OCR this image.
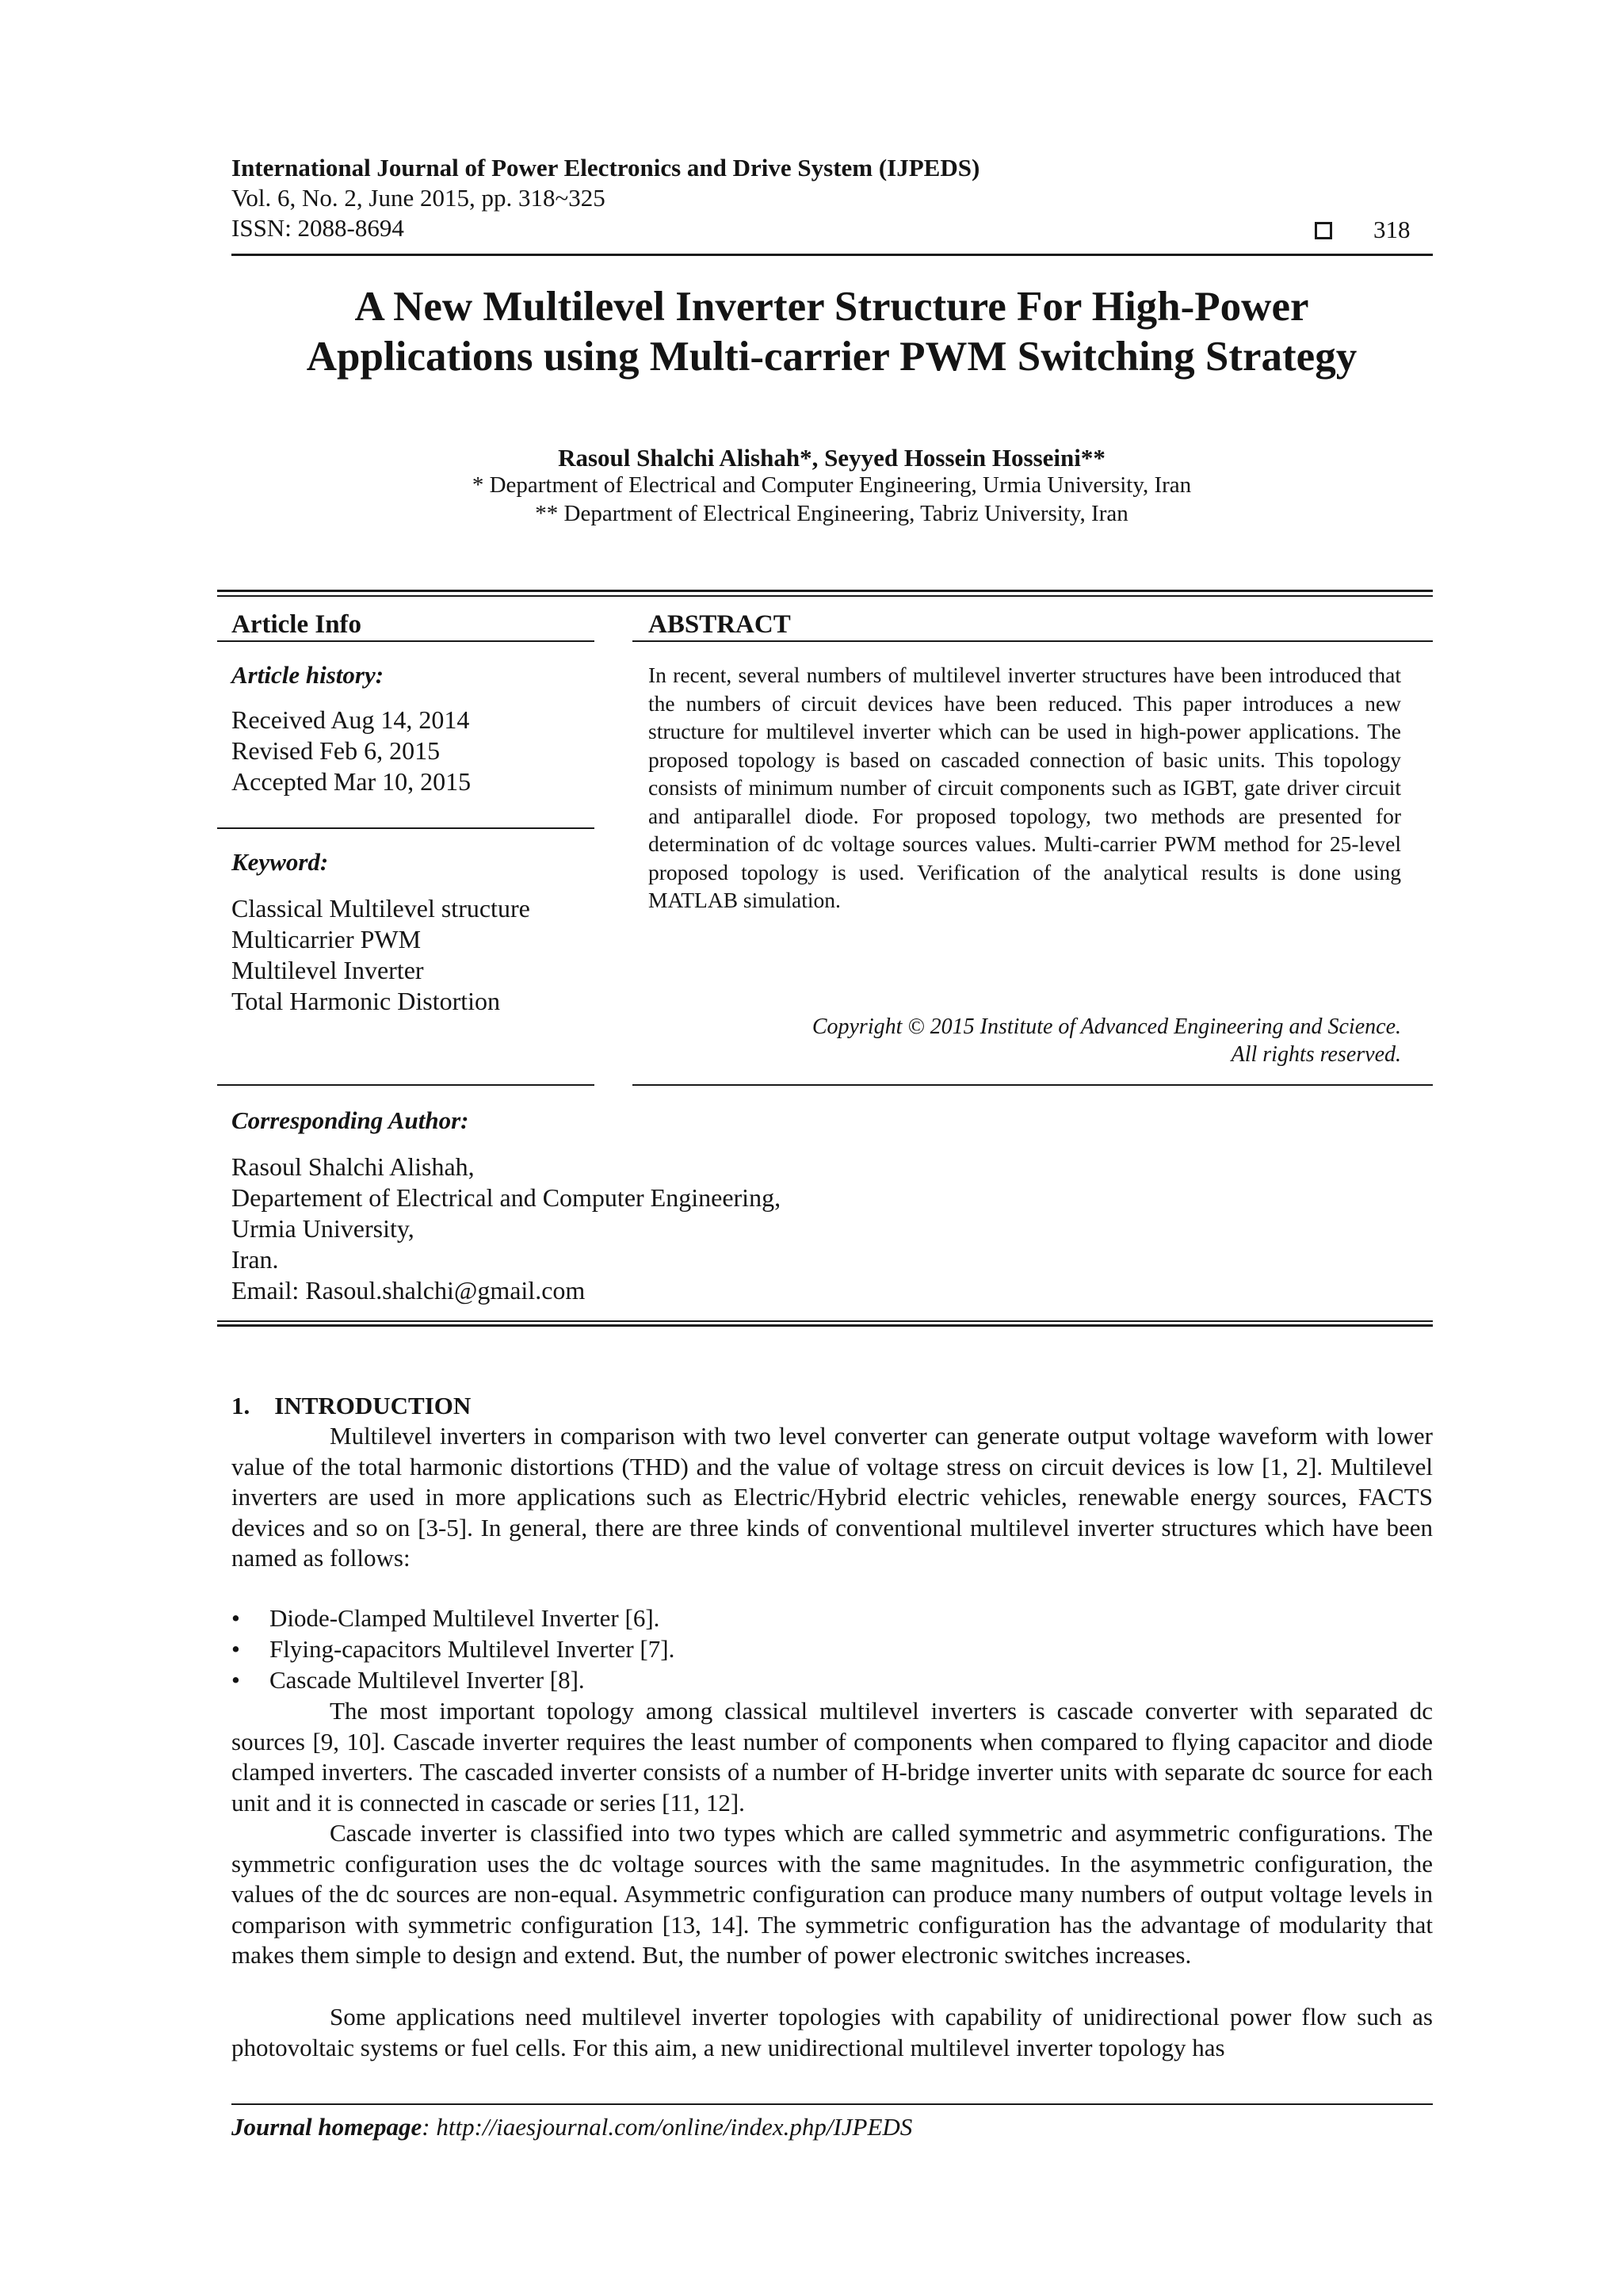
International Journal of Power Electronics and Drive System (IJPEDS)
Vol. 6, No. 2, June 2015, pp. 318~325
ISSN: 2088-8694	318
A New Multilevel Inverter Structure For High-Power
Applications using Multi-carrier PWM Switching Strategy
Rasoul Shalchi Alishah*, Seyyed Hossein Hosseini**
* Department of Electrical and Computer Engineering, Urmia University, Iran
** Department of Electrical Engineering, Tabriz University, Iran
Article Info
Article history:
Received Aug 14, 2014
Revised Feb 6, 2015
Accepted Mar 10, 2015
Keyword:
Classical Multilevel structure
Multicarrier PWM
Multilevel Inverter
Total Harmonic Distortion
ABSTRACT
In recent, several numbers of multilevel inverter structures have been introduced that the numbers of circuit devices have been reduced. This paper introduces a new structure for multilevel inverter which can be used in high-power applications. The proposed topology is based on cascaded connection of basic units. This topology consists of minimum number of circuit components such as IGBT, gate driver circuit and antiparallel diode. For proposed topology, two methods are presented for determination of dc voltage sources values. Multi-carrier PWM method for 25-level proposed topology is used. Verification of the analytical results is done using MATLAB simulation.
Copyright © 2015 Institute of Advanced Engineering and Science.
All rights reserved.
Corresponding Author:
Rasoul Shalchi Alishah,
Departement of Electrical and Computer Engineering,
Urmia University,
Iran.
Email: Rasoul.shalchi@gmail.com
1.    INTRODUCTION
Multilevel inverters in comparison with two level converter can generate output voltage waveform with lower value of the total harmonic distortions (THD) and the value of voltage stress on circuit devices is low [1, 2]. Multilevel inverters are used in more applications such as Electric/Hybrid electric vehicles, renewable energy sources, FACTS devices and so on [3-5]. In general, there are three kinds of conventional multilevel inverter structures which have been named as follows:
• Diode-Clamped Multilevel Inverter [6].
• Flying-capacitors Multilevel Inverter [7].
• Cascade Multilevel Inverter [8].
The most important topology among classical multilevel inverters is cascade converter with separated dc sources [9, 10]. Cascade inverter requires the least number of components when compared to flying capacitor and diode clamped inverters. The cascaded inverter consists of a number of H-bridge inverter units with separate dc source for each unit and it is connected in cascade or series [11, 12].
Cascade inverter is classified into two types which are called symmetric and asymmetric configurations. The symmetric configuration uses the dc voltage sources with the same magnitudes. In the asymmetric configuration, the values of the dc sources are non-equal. Asymmetric configuration can produce many numbers of output voltage levels in comparison with symmetric configuration [13, 14]. The symmetric configuration has the advantage of modularity that makes them simple to design and extend. But, the number of power electronic switches increases.
Some applications need multilevel inverter topologies with capability of unidirectional power flow such as photovoltaic systems or fuel cells. For this aim, a new unidirectional multilevel inverter topology has
Journal homepage: http://iaesjournal.com/online/index.php/IJPEDS
